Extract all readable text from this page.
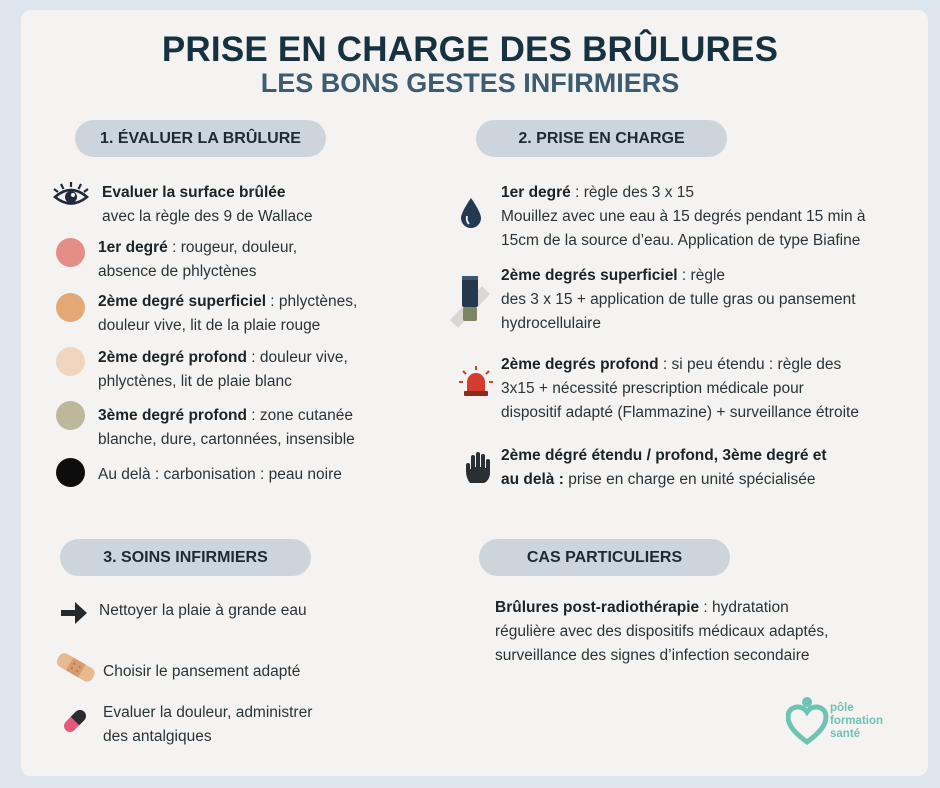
PRISE EN CHARGE DES BRÛLURES
LES BONS GESTES INFIRMIERS
1. ÉVALUER LA BRÛLURE
Evaluer la surface brûlée
avec la règle des 9 de Wallace
1er degré : rougeur, douleur,
absence de phlyctènes
2ème degré superficiel : phlyctènes,
douleur vive, lit de la plaie rouge
2ème degré profond : douleur vive,
phlyctènes, lit de plaie blanc
3ème degré profond : zone cutanée
blanche, dure, cartonnées, insensible
Au delà : carbonisation : peau noire
2. PRISE EN CHARGE
1er degré : règle des 3 x 15
Mouillez avec une eau à 15 degrés pendant 15 min à
15cm de la source d’eau. Application de type Biafine
2ème degrés superficiel : règle
des 3 x 15 + application de tulle gras ou pansement
hydrocellulaire
2ème degrés profond : si peu étendu : règle des
3x15 + nécessité prescription médicale pour
dispositif adapté (Flammazine) + surveillance étroite
2ème dégré étendu / profond, 3ème degré et
au delà : prise en charge en unité spécialisée
3. SOINS INFIRMIERS
Nettoyer la plaie à grande eau
Choisir le pansement adapté
Evaluer la douleur, administrer
des antalgiques
CAS PARTICULIERS
Brûlures post-radiothérapie : hydratation
régulière avec des dispositifs médicaux adaptés,
surveillance des signes d’infection secondaire
pôle
formation
santé
